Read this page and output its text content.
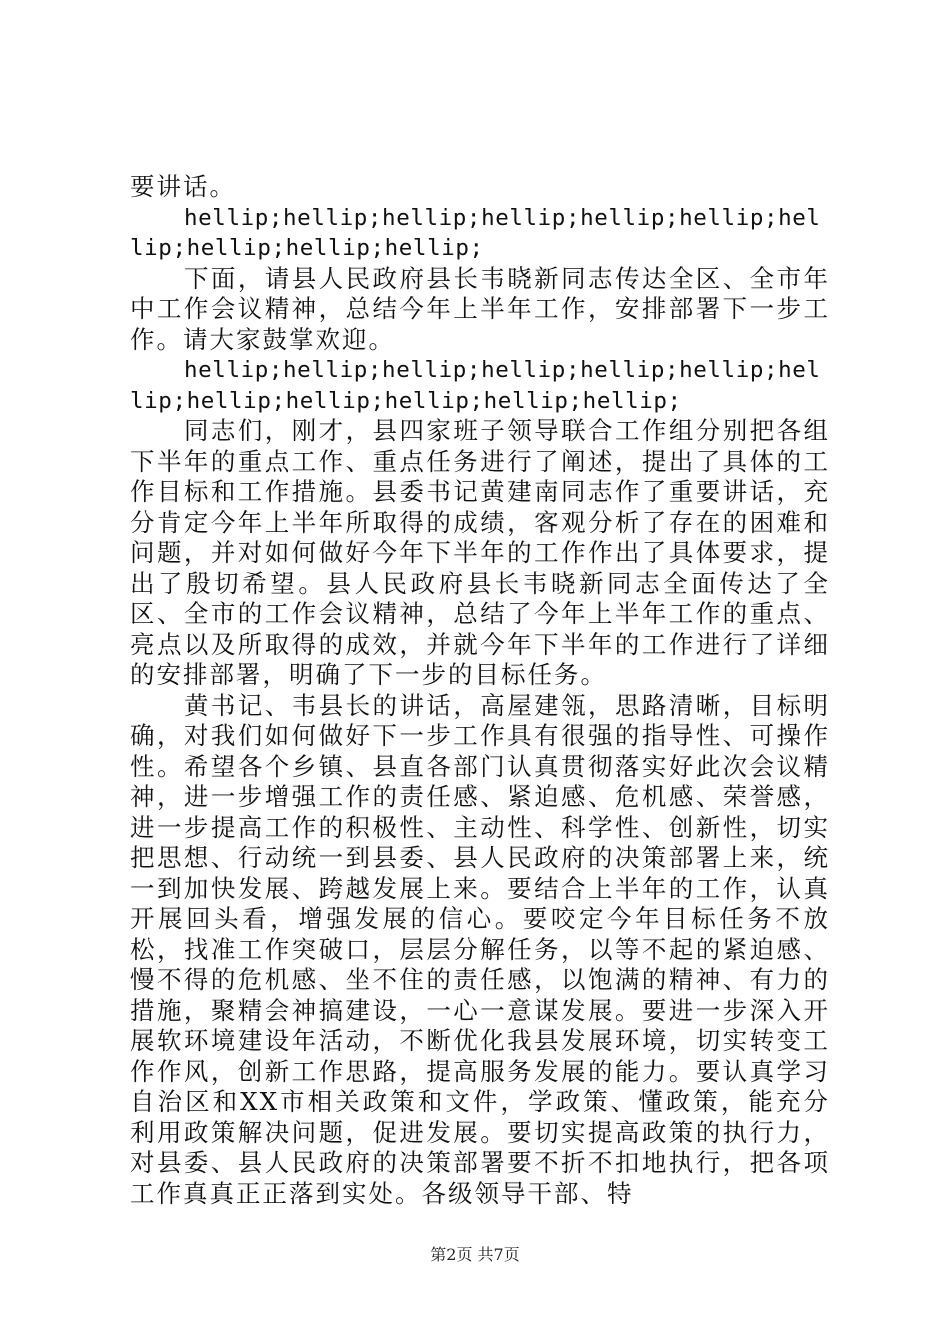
要讲话。

hellip;hellip;hellip;hellip;hellip;hellip;hellip;hellip;hellip;hellip;

下面，请县人民政府县长韦晓新同志传达全区、全市年中工作会议精神，总结今年上半年工作，安排部署下一步工作。请大家鼓掌欢迎。

hellip;hellip;hellip;hellip;hellip;hellip;hellip;hellip;hellip;hellip;hellip;hellip;

同志们，刚才，县四家班子领导联合工作组分别把各组下半年的重点工作、重点任务进行了阐述，提出了具体的工作目标和工作措施。县委书记黄建南同志作了重要讲话，充分肯定今年上半年所取得的成绩，客观分析了存在的困难和问题，并对如何做好今年下半年的工作作出了具体要求，提出了殷切希望。县人民政府县长韦晓新同志全面传达了全区、全市的工作会议精神，总结了今年上半年工作的重点、亮点以及所取得的成效，并就今年下半年的工作进行了详细的安排部署，明确了下一步的目标任务。

黄书记、韦县长的讲话，高屋建瓴，思路清晰，目标明确，对我们如何做好下一步工作具有很强的指导性、可操作性。希望各个乡镇、县直各部门认真贯彻落实好此次会议精神，进一步增强工作的责任感、紧迫感、危机感、荣誉感，进一步提高工作的积极性、主动性、科学性、创新性，切实把思想、行动统一到县委、县人民政府的决策部署上来，统一到加快发展、跨越发展上来。要结合上半年的工作，认真开展回头看，增强发展的信心。要咬定今年目标任务不放松，找准工作突破口，层层分解任务，以等不起的紧迫感、慢不得的危机感、坐不住的责任感，以饱满的精神、有力的措施，聚精会神搞建设，一心一意谋发展。要进一步深入开展软环境建设年活动，不断优化我县发展环境，切实转变工作作风，创新工作思路，提高服务发展的能力。要认真学习自治区和XX市相关政策和文件，学政策、懂政策，能充分利用政策解决问题，促进发展。要切实提高政策的执行力，对县委、县人民政府的决策部署要不折不扣地执行，把各项工作真真正正落到实处。各级领导干部、特

第2页 共7页
